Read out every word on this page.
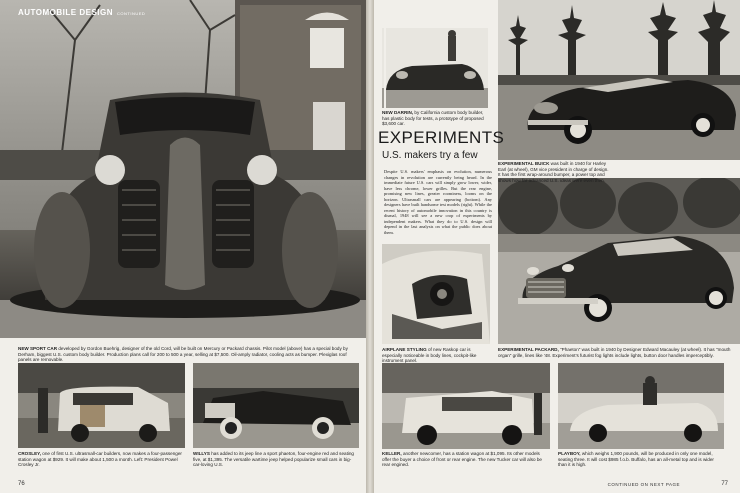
AUTOMOBILE DESIGN CONTINUED
NEW SPORT CAR developed by Gordon Buehrig, designer of the old Cord, will be built on Mercury or Packard chassis. Pilot model (above) has a special body by Derham, biggest U.S. custom body builder. Production plans call for 200 to 500 a year, selling at $7,500. Oil-amply radiator, cooling acts as bumper. Plexiglas roof panels are removable.
CROSLEY, one of first U.S. ultrasmall-car builders, now makes a four-passenger station wagon at $929. It will make about 1,500 a month. Left: President Powel Crosley Jr.
WILLYS has added to its jeep line a sport phaeton, four-engine red and seating five, at $1,395. The versatile wartime jeep helped popularize small cars in big-car-loving U.S.
76
NEW DARRIN, by California custom body builder, has plastic body for tests, a prototype of proposed $3,600 car.
EXPERIMENTAL BUICK was built in 1940 for Harley Earl (at wheel), GM vice president in charge of design. It has the first wrap-around bumper, a power top and shows how far advanced U.S. ideas were even then.
AIRPLANE STYLING of new Raskop car is especially noticeable in body lines, cockpit-like instrument panel.
EXPERIMENTAL PACKARD, "Phaeton" was built in 1940 by Designer Edward Macauley (at wheel). It has "mouth organ" grille, lines like '48. Experiment's futurist fog lights include lights, button door handles imperceptibly.
KELLER, another newcomer, has a station wagon at $1,095. Its other models offer the buyer a choice of front or rear engine. The new Tucker car will also be rear engined.
PLAYBOY, which weighs 1,900 pounds, will be produced in only one model, seating three. It will cost $985 f.o.b. Buffalo, has an all-metal top and is wider than it is high.
77
EXPERIMENTS
U.S. makers try a few
Despite U.S. makers' emphasis on evolution, numerous changes in revolution are currently being heard. In the immediate future U.S. cars will simply grow lower, wider, have less chrome, lower grilles. But the rear engine, promising new lines, greater roominess, looms on the horizon. Ultrasmall cars are appearing (bottom). Any designers have built handsome test models (right). While the recent history of automobile innovation in this country is dismal, 1948 will see a new crop of experiments by independent makers. What they do to U.S. design will depend in the last analysis on what the public does about them.
CONTINUED ON NEXT PAGE
